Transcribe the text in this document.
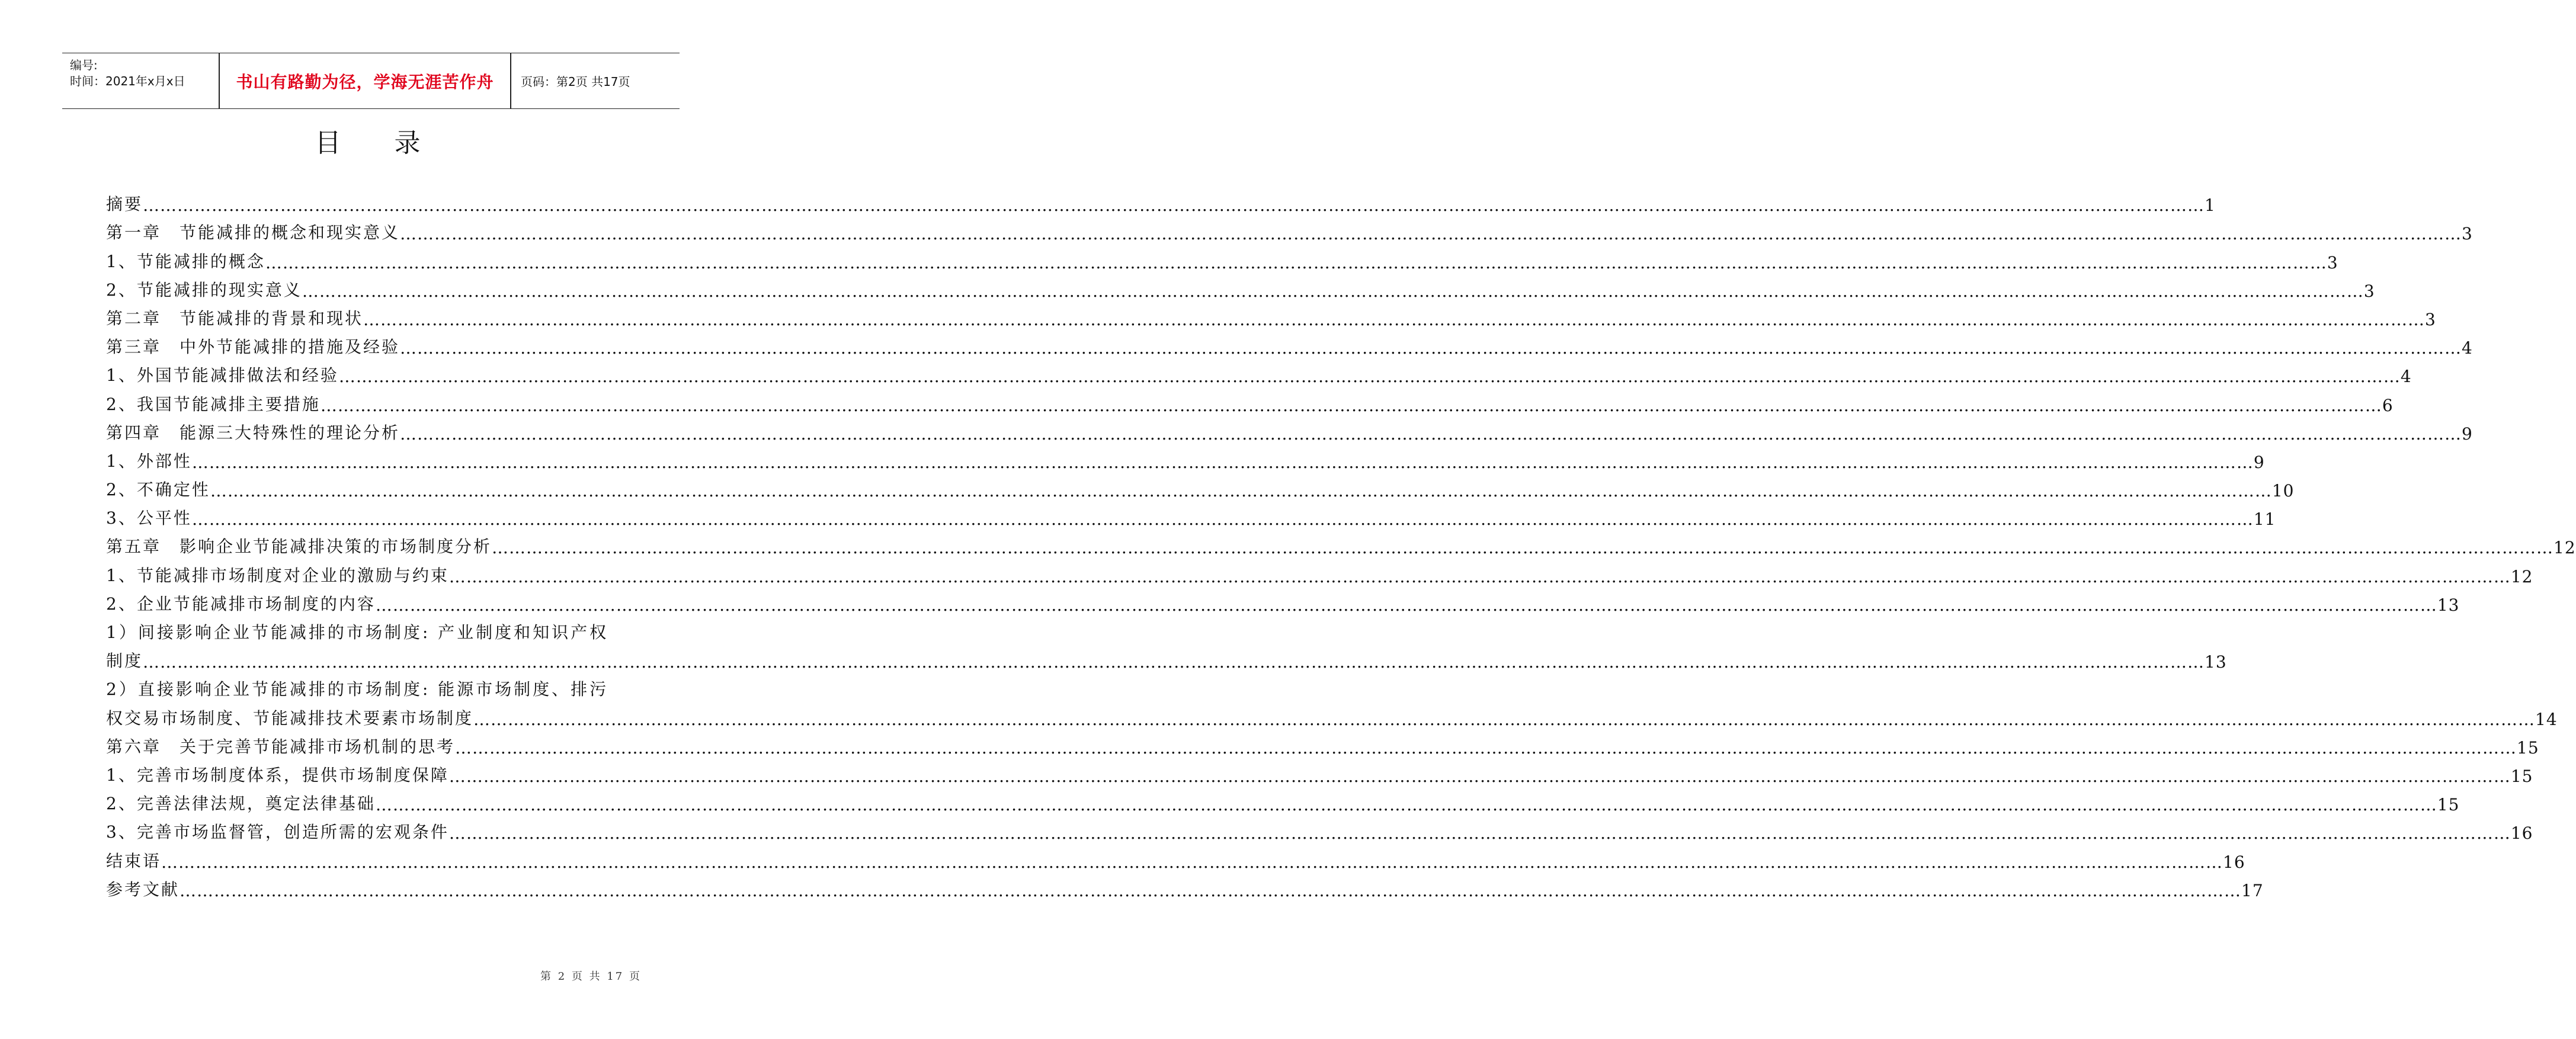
编号:
时间：2021年x月x日	书山有路勤为径，学海无涯苦作舟	页码：第2页 共17页
目录
摘要 ……………………………………………………………………………………………………………………………………………………………………………………………………………………………………………………………………………………………………………………………… 1
第一章　节能减排的概念和现实意义 ……………………………………………………………………………………………………………………………………………………………………………………………………………………………………………………………………………………………………………………………… 3
1、节能减排的概念 ……………………………………………………………………………………………………………………………………………………………………………………………………………………………………………………………………………………………………………………………… 3
2、节能减排的现实意义 ……………………………………………………………………………………………………………………………………………………………………………………………………………………………………………………………………………………………………………………………… 3
第二章　节能减排的背景和现状 ……………………………………………………………………………………………………………………………………………………………………………………………………………………………………………………………………………………………………………………………… 3
第三章　中外节能减排的措施及经验 ……………………………………………………………………………………………………………………………………………………………………………………………………………………………………………………………………………………………………………………………… 4
1、外国节能减排做法和经验 ……………………………………………………………………………………………………………………………………………………………………………………………………………………………………………………………………………………………………………………………… 4
2、我国节能减排主要措施 ……………………………………………………………………………………………………………………………………………………………………………………………………………………………………………………………………………………………………………………………… 6
第四章　能源三大特殊性的理论分析 ……………………………………………………………………………………………………………………………………………………………………………………………………………………………………………………………………………………………………………………………… 9
1、外部性 ……………………………………………………………………………………………………………………………………………………………………………………………………………………………………………………………………………………………………………………………… 9
2、不确定性 ……………………………………………………………………………………………………………………………………………………………………………………………………………………………………………………………………………………………………………………………… 10
3、公平性 ……………………………………………………………………………………………………………………………………………………………………………………………………………………………………………………………………………………………………………………………… 11
第五章　影响企业节能减排决策的市场制度分析 ……………………………………………………………………………………………………………………………………………………………………………………………………………………………………………………………………………………………………………………………… 12
1、节能减排市场制度对企业的激励与约束 ……………………………………………………………………………………………………………………………………………………………………………………………………………………………………………………………………………………………………………………………… 12
2、企业节能减排市场制度的内容 ……………………………………………………………………………………………………………………………………………………………………………………………………………………………………………………………………………………………………………………………… 13
1）间接影响企业节能减排的市场制度: 产业制度和知识产权
制度 ……………………………………………………………………………………………………………………………………………………………………………………………………………………………………………………………………………………………………………………………… 13
2）直接影响企业节能减排的市场制度: 能源市场制度、排污
权交易市场制度、节能减排技术要素市场制度 ……………………………………………………………………………………………………………………………………………………………………………………………………………………………………………………………………………………………………………………………… 14
第六章　关于完善节能减排市场机制的思考 ……………………………………………………………………………………………………………………………………………………………………………………………………………………………………………………………………………………………………………………………… 15
1、完善市场制度体系，提供市场制度保障 ……………………………………………………………………………………………………………………………………………………………………………………………………………………………………………………………………………………………………………………………… 15
2、完善法律法规，奠定法律基础 ……………………………………………………………………………………………………………………………………………………………………………………………………………………………………………………………………………………………………………………………… 15
3、完善市场监督管，创造所需的宏观条件 ……………………………………………………………………………………………………………………………………………………………………………………………………………………………………………………………………………………………………………………………… 16
结束语 ……………………………………………………………………………………………………………………………………………………………………………………………………………………………………………………………………………………………………………………………… 16
参考文献 ……………………………………………………………………………………………………………………………………………………………………………………………………………………………………………………………………………………………………………………………… 17
第 2 页 共 17 页
